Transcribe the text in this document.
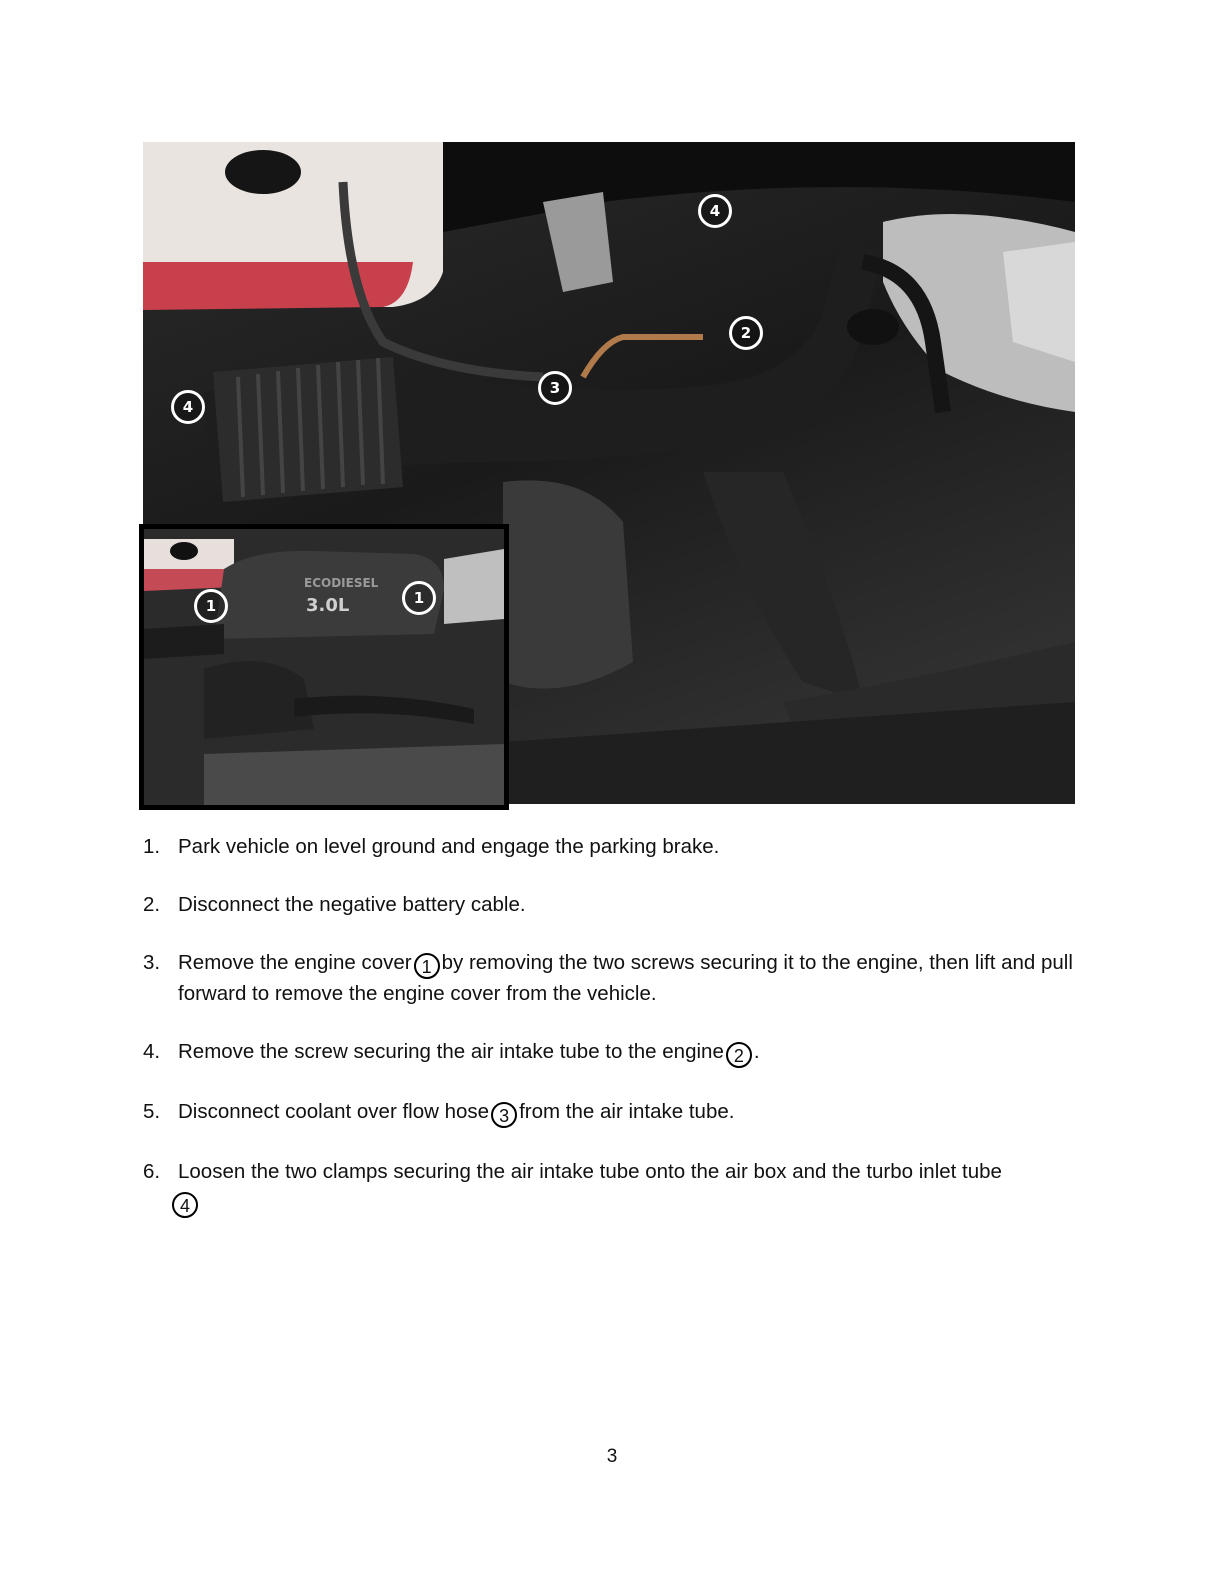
4
2
4
3
ECODIESEL
3.0L
1	1
1. Park vehicle on level ground and engage the parking brake.
2. Disconnect the negative battery cable.
3. Remove the engine cover 1 by removing the two screws securing it to the engine, then lift and pull forward to remove the engine cover from the vehicle.
4. Remove the screw securing the air intake tube to the engine 2 .
5. Disconnect coolant over flow hose 3 from the air intake tube.
6. Loosen the two clamps securing the air intake tube onto the air box and the turbo inlet tube
4
3
